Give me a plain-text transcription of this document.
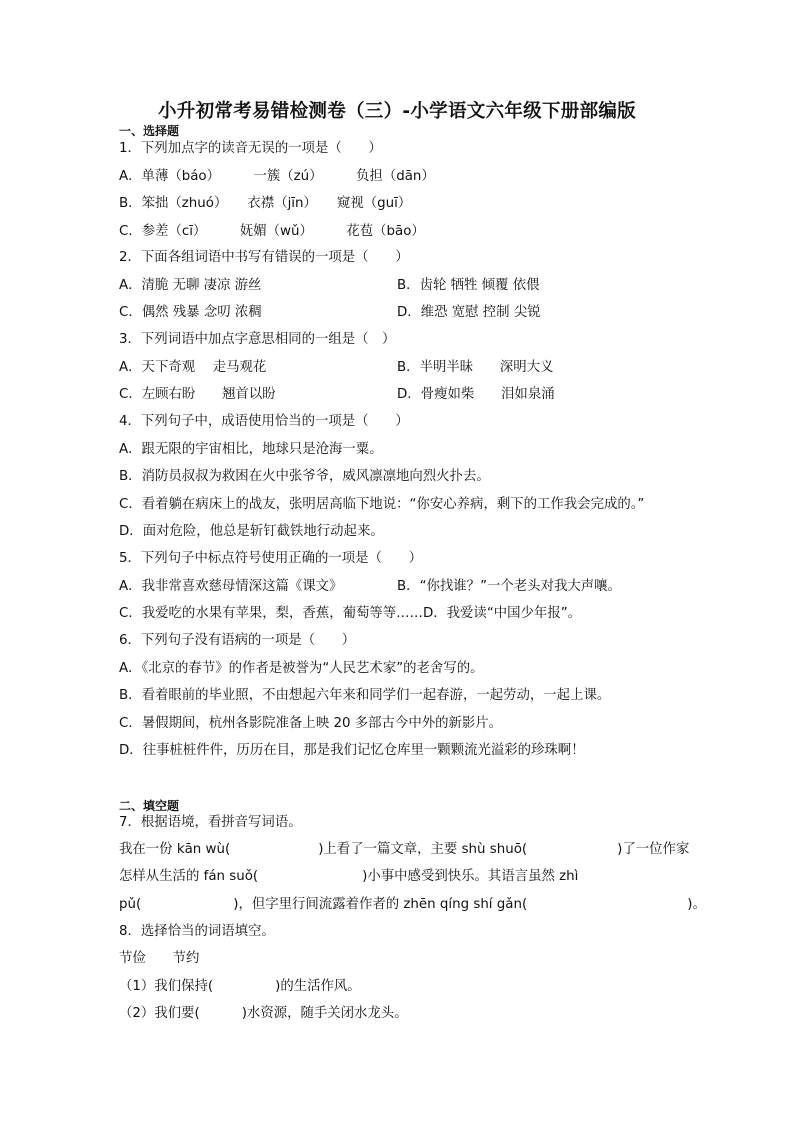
小升初常考易错检测卷（三）-小学语文六年级下册部编版
一、选择题
1．下列加点字的读音无误的一项是（　　）
A．单薄（báo）　　　一簇（zú）　　　负担（dān）
B．笨拙（zhuó）　　衣襟（jīn）　　窥视（guī）
C．参差（cī）　　　妩媚（wǔ）　　　花苞（bāo）
2．下面各组词语中书写有错误的一项是（　　）
A．清脆 无聊 凄凉 游丝	B．齿轮 牺牲 倾覆 依偎
C．偶然 残暴 念叨 浓稠	D．维恐 宽慰 控制 尖锐
3．下列词语中加点字意思相同的一组是（　）
A．天下奇观　 走马观花	B．半明半昧　　深明大义
C．左顾右盼　　翘首以盼	D．骨瘦如柴　　泪如泉涌
4．下列句子中，成语使用恰当的一项是（　　）
A．跟无限的宇宙相比，地球只是沧海一粟。
B．消防员叔叔为救困在火中张爷爷，威风凛凛地向烈火扑去。
C．看着躺在病床上的战友，张明居高临下地说：“你安心养病，剩下的工作我会完成的。”
D．面对危险，他总是斩钉截铁地行动起来。
5．下列句子中标点符号使用正确的一项是（　　）
A．我非常喜欢慈母情深这篇《课文》	B．“你找谁？”一个老头对我大声嚷。
C．我爱吃的水果有苹果，梨，香蕉，葡萄等等……D．我爱读“中国少年报”。
6．下列句子没有语病的一项是（　　）
A．《北京的春节》的作者是被誉为“人民艺术家”的老舍写的。
B．看着眼前的毕业照，不由想起六年来和同学们一起春游，一起劳动，一起上课。
C．暑假期间，杭州各影院准备上映 20 多部古今中外的新影片。
D．往事桩桩件件，历历在目，那是我们记忆仓库里一颗颗流光溢彩的珍珠啊！
二、填空题
7．根据语境，看拼音写词语。
我在一份 kān wù(	)上看了一篇文章，主要 shù shuō(	)了一位作家
怎样从生活的 fán suǒ(	)小事中感受到快乐。其语言虽然 zhì
pǔ(	)，但字里行间流露着作者的 zhēn qíng shí gǎn(	)。
8．选择恰当的词语填空。
节俭　　节约
（1）我们保持(	)的生活作风。
（2）我们要(	)水资源，随手关闭水龙头。
